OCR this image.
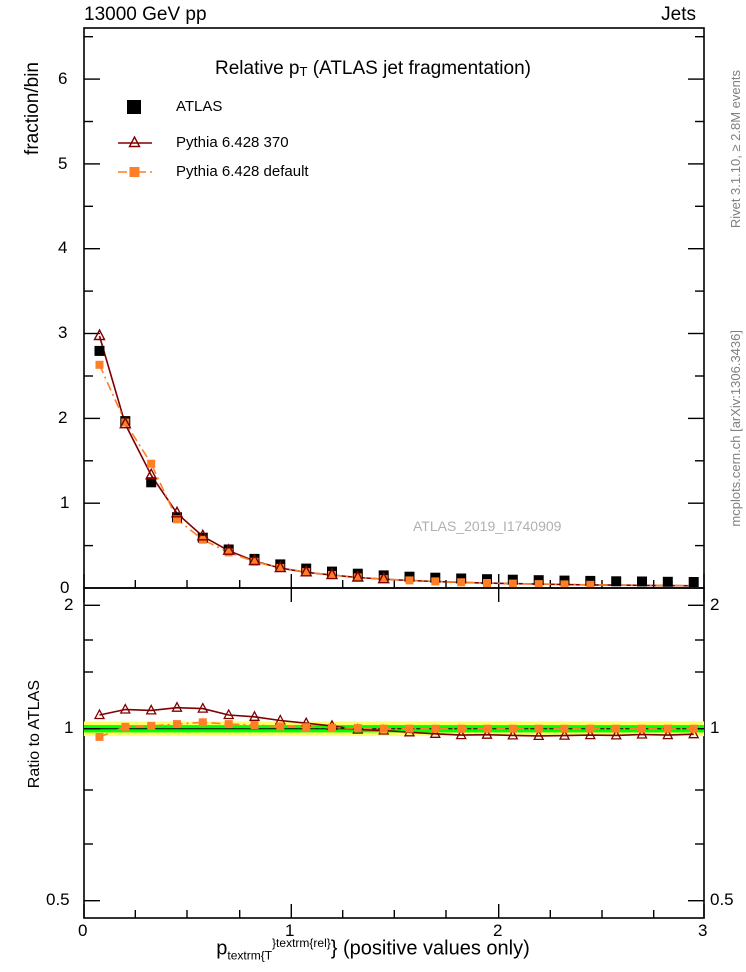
13000 GeV pp	Jets
Rivet 3.1.10, ≥ 2.8M events
mcplots.cern.ch [arXiv:1306.3436]
fraction/bin
Ratio to ATLAS
Relative pT (ATLAS jet fragmentation)
ATLAS
Pythia 6.428 370
Pythia 6.428 default
ATLAS_2019_I1740909
1
2
3
4
5
6
0
0.5
1
2
0.5
1
2
0	1	2	3
$p_{textrm\{T}^{\}textrm\{rel\}}$} (positive values only)
